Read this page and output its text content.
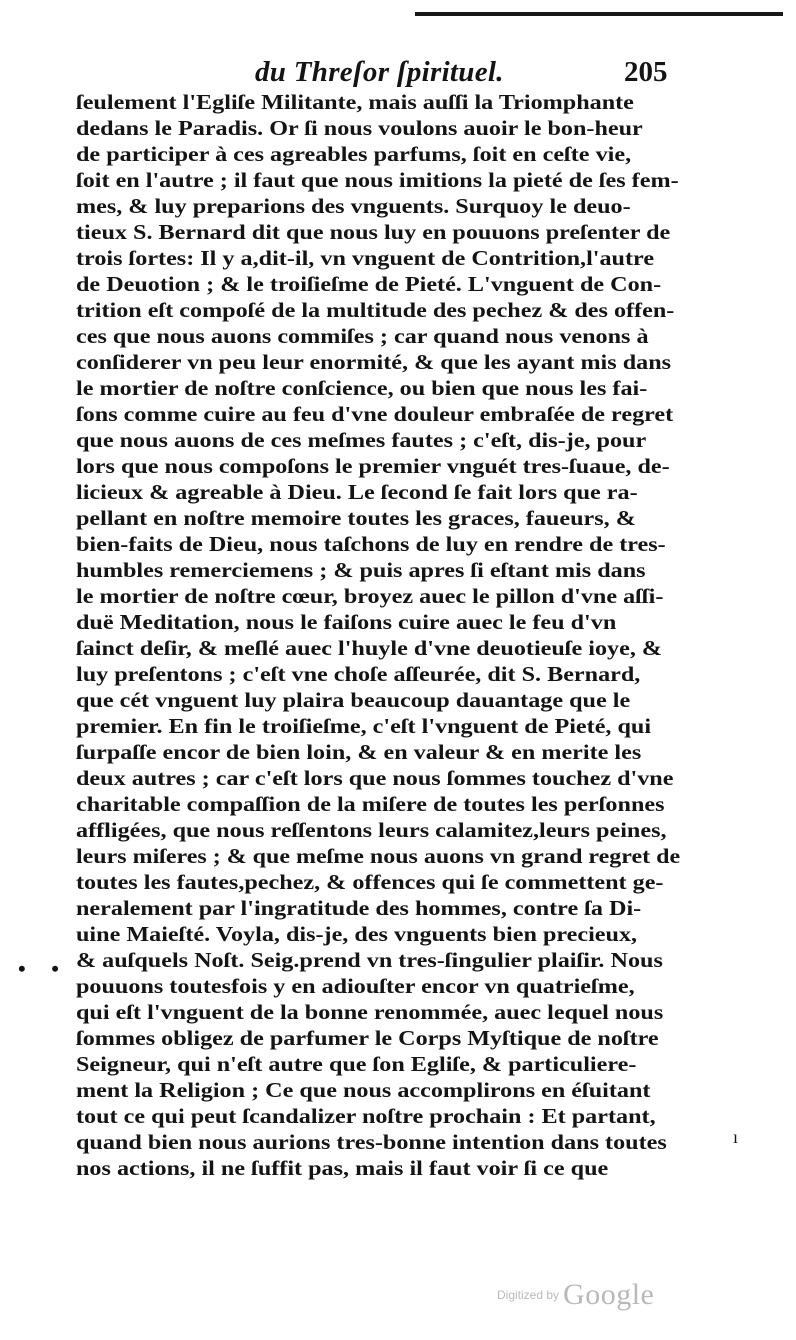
du Threſor ſpirituel.	205
ſeulement l'Egliſe Militante, mais auſſi la Triomphante
dedans le Paradis. Or ſi nous voulons auoir le bon-heur
de participer à ces agreables parfums, ſoit en ceſte vie,
ſoit en l'autre ; il faut que nous imitions la pieté de ſes fem-
mes, & luy preparions des vnguents. Surquoy le deuo-
tieux S. Bernard dit que nous luy en pouuons preſenter de
trois ſortes: Il y a,dit-il, vn vnguent de Contrition,l'autre
de Deuotion ; & le troiſieſme de Pieté. L'vnguent de Con-
trition eſt compoſé de la multitude des pechez & des offen-
ces que nous auons commiſes ; car quand nous venons à
conſiderer vn peu leur enormité, & que les ayant mis dans
le mortier de noſtre conſcience, ou bien que nous les fai-
ſons comme cuire au feu d'vne douleur embraſée de regret
que nous auons de ces meſmes fautes ; c'eſt, dis-je, pour
lors que nous compoſons le premier vnguét tres-ſuaue, de-
licieux & agreable à Dieu. Le ſecond ſe fait lors que ra-
pellant en noſtre memoire toutes les graces, faueurs, &
bien-faits de Dieu, nous taſchons de luy en rendre de tres-
humbles remerciemens ; & puis apres ſi eſtant mis dans
le mortier de noſtre cœur, broyez auec le pillon d'vne aſſi-
duë Meditation, nous le faiſons cuire auec le feu d'vn
ſainct deſir, & meſlé auec l'huyle d'vne deuotieuſe ioye, &
luy preſentons ; c'eſt vne choſe aſſeurée, dit S. Bernard,
que cét vnguent luy plaira beaucoup dauantage que le
premier. En fin le troiſieſme, c'eſt l'vnguent de Pieté, qui
ſurpaſſe encor de bien loin, & en valeur & en merite les
deux autres ; car c'eſt lors que nous ſommes touchez d'vne
charitable compaſſion de la miſere de toutes les perſonnes
affligées, que nous reſſentons leurs calamitez,leurs peines,
leurs miſeres ; & que meſme nous auons vn grand regret de
toutes les fautes,pechez, & offences qui ſe commettent ge-
neralement par l'ingratitude des hommes, contre ſa Di-
uine Maieſté. Voyla, dis-je, des vnguents bien precieux,
& auſquels Noſt. Seig.prend vn tres-ſingulier plaiſir. Nous
pouuons toutesfois y en adiouſter encor vn quatrieſme,
qui eſt l'vnguent de la bonne renommée, auec lequel nous
ſommes obligez de parfumer le Corps Myſtique de noſtre
Seigneur, qui n'eſt autre que ſon Egliſe, & particuliere-
ment la Religion ; Ce que nous accomplirons en éſuitant
tout ce qui peut ſcandalizer noſtre prochain : Et partant,
quand bien nous aurions tres-bonne intention dans toutes
nos actions, il ne ſuffit pas, mais il faut voir ſi ce que
• •
ı
Digitized by Google
